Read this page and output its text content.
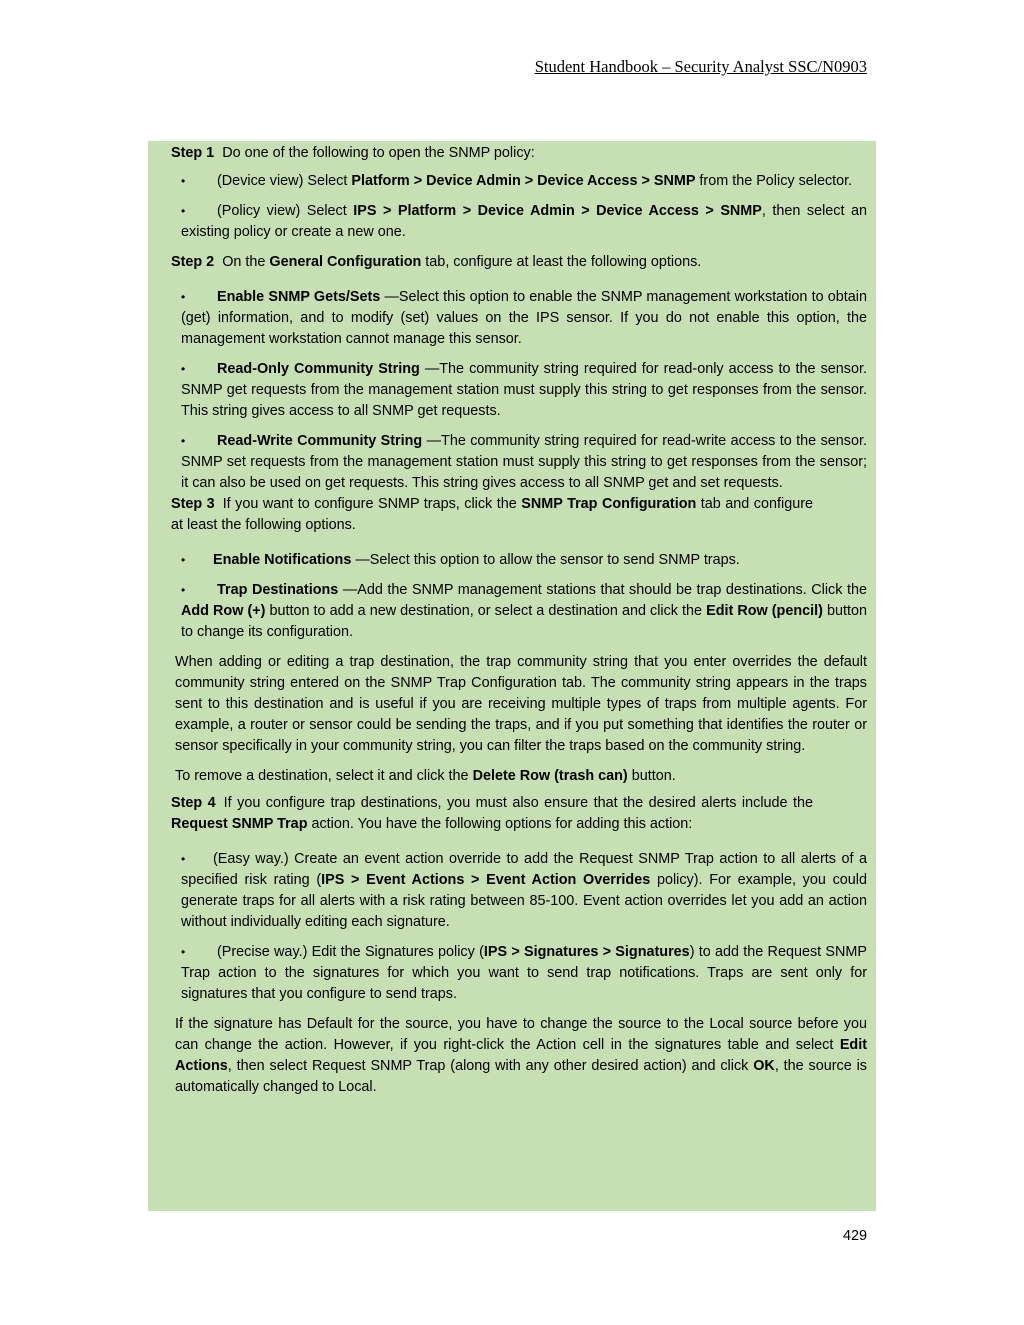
Student Handbook – Security Analyst SSC/N0903

Step 1 Do one of the following to open the SNMP policy:

• (Device view) Select Platform > Device Admin > Device Access > SNMP from the Policy selector.

• (Policy view) Select IPS > Platform > Device Admin > Device Access > SNMP, then select an existing policy or create a new one.

Step 2 On the General Configuration tab, configure at least the following options.

• Enable SNMP Gets/Sets —Select this option to enable the SNMP management workstation to obtain (get) information, and to modify (set) values on the IPS sensor. If you do not enable this option, the management workstation cannot manage this sensor.

• Read-Only Community String —The community string required for read-only access to the sensor. SNMP get requests from the management station must supply this string to get responses from the sensor. This string gives access to all SNMP get requests.

• Read-Write Community String —The community string required for read-write access to the sensor. SNMP set requests from the management station must supply this string to get responses from the sensor; it can also be used on get requests. This string gives access to all SNMP get and set requests.

Step 3 If you want to configure SNMP traps, click the SNMP Trap Configuration tab and configure at least the following options.

• Enable Notifications —Select this option to allow the sensor to send SNMP traps.

• Trap Destinations —Add the SNMP management stations that should be trap destinations. Click the Add Row (+) button to add a new destination, or select a destination and click the Edit Row (pencil) button to change its configuration.

When adding or editing a trap destination, the trap community string that you enter overrides the default community string entered on the SNMP Trap Configuration tab. The community string appears in the traps sent to this destination and is useful if you are receiving multiple types of traps from multiple agents. For example, a router or sensor could be sending the traps, and if you put something that identifies the router or sensor specifically in your community string, you can filter the traps based on the community string.

To remove a destination, select it and click the Delete Row (trash can) button.

Step 4 If you configure trap destinations, you must also ensure that the desired alerts include the Request SNMP Trap action. You have the following options for adding this action:

• (Easy way.) Create an event action override to add the Request SNMP Trap action to all alerts of a specified risk rating (IPS > Event Actions > Event Action Overrides policy). For example, you could generate traps for all alerts with a risk rating between 85-100. Event action overrides let you add an action without individually editing each signature.

• (Precise way.) Edit the Signatures policy (IPS > Signatures > Signatures) to add the Request SNMP Trap action to the signatures for which you want to send trap notifications. Traps are sent only for signatures that you configure to send traps.

If the signature has Default for the source, you have to change the source to the Local source before you can change the action. However, if you right-click the Action cell in the signatures table and select Edit Actions, then select Request SNMP Trap (along with any other desired action) and click OK, the source is automatically changed to Local.

429
